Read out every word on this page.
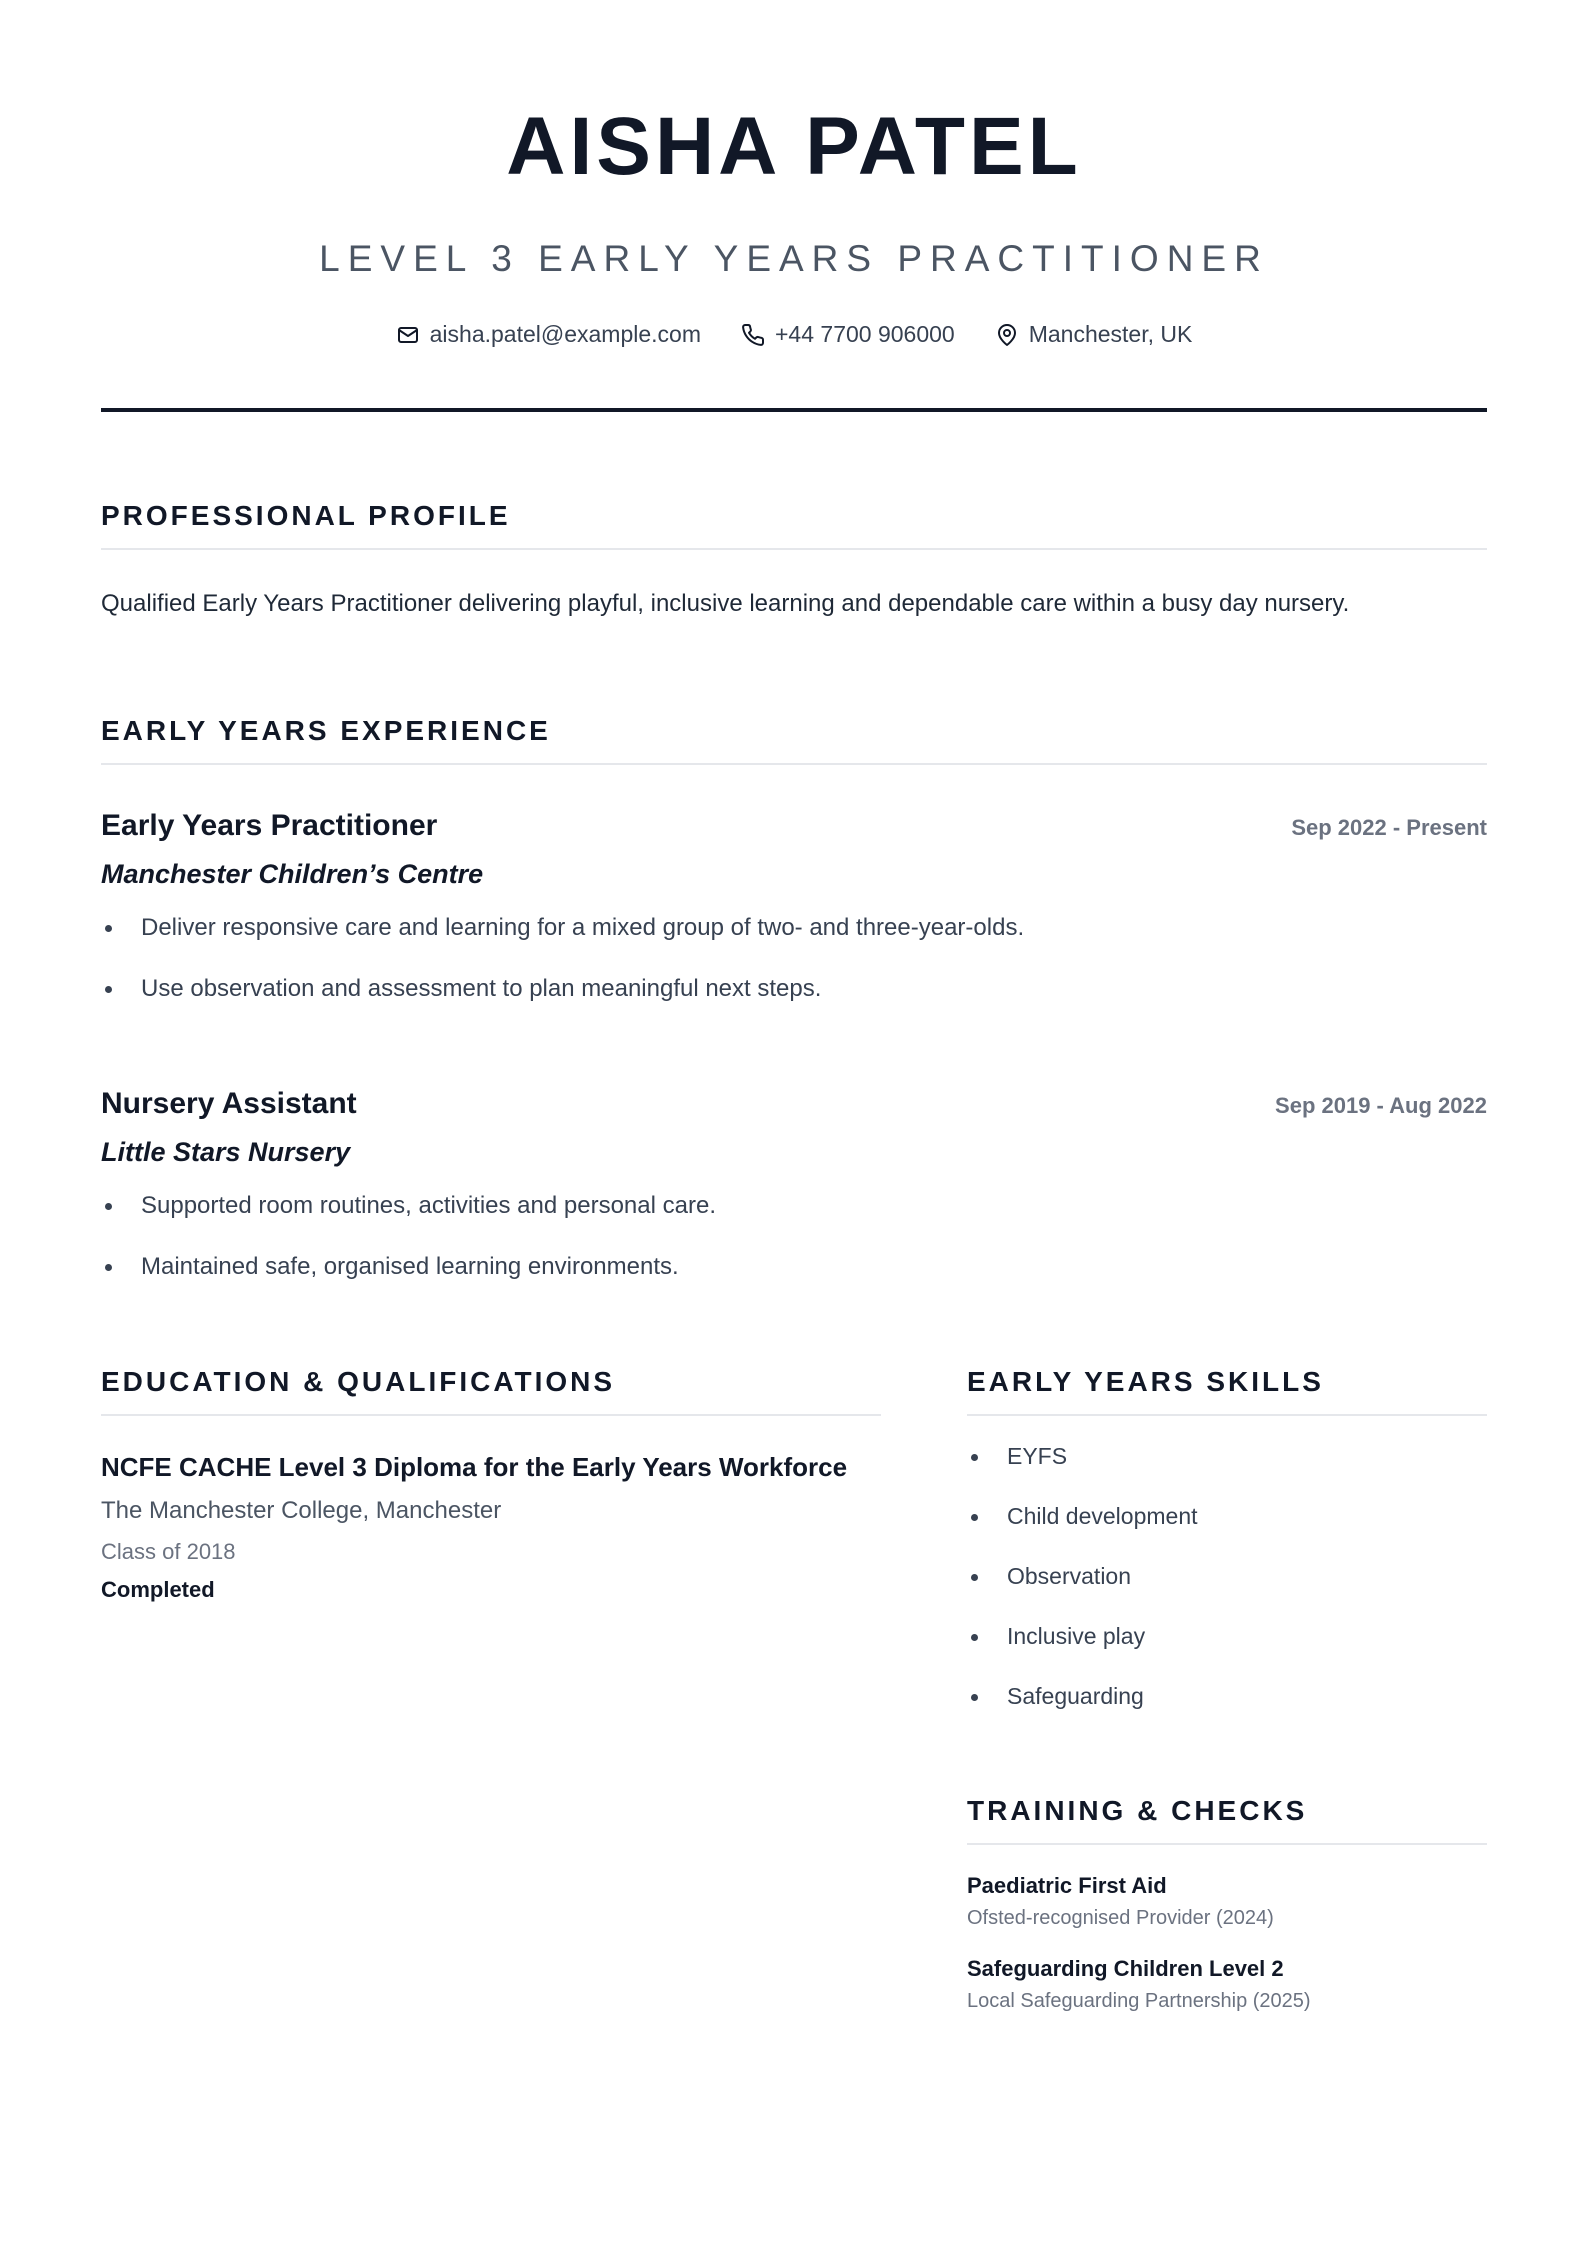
AISHA PATEL
LEVEL 3 EARLY YEARS PRACTITIONER
aisha.patel@example.com	+44 7700 906000	Manchester, UK
PROFESSIONAL PROFILE
Qualified Early Years Practitioner delivering playful, inclusive learning and dependable care within a busy day nursery.
EARLY YEARS EXPERIENCE
Early Years Practitioner	Sep 2022 - Present
Manchester Children’s Centre
Deliver responsive care and learning for a mixed group of two- and three-year-olds.
Use observation and assessment to plan meaningful next steps.
Nursery Assistant	Sep 2019 - Aug 2022
Little Stars Nursery
Supported room routines, activities and personal care.
Maintained safe, organised learning environments.
EDUCATION & QUALIFICATIONS
NCFE CACHE Level 3 Diploma for the Early Years Workforce
The Manchester College, Manchester
Class of 2018
Completed
EARLY YEARS SKILLS
EYFS
Child development
Observation
Inclusive play
Safeguarding
TRAINING & CHECKS
Paediatric First Aid
Ofsted-recognised Provider (2024)
Safeguarding Children Level 2
Local Safeguarding Partnership (2025)
